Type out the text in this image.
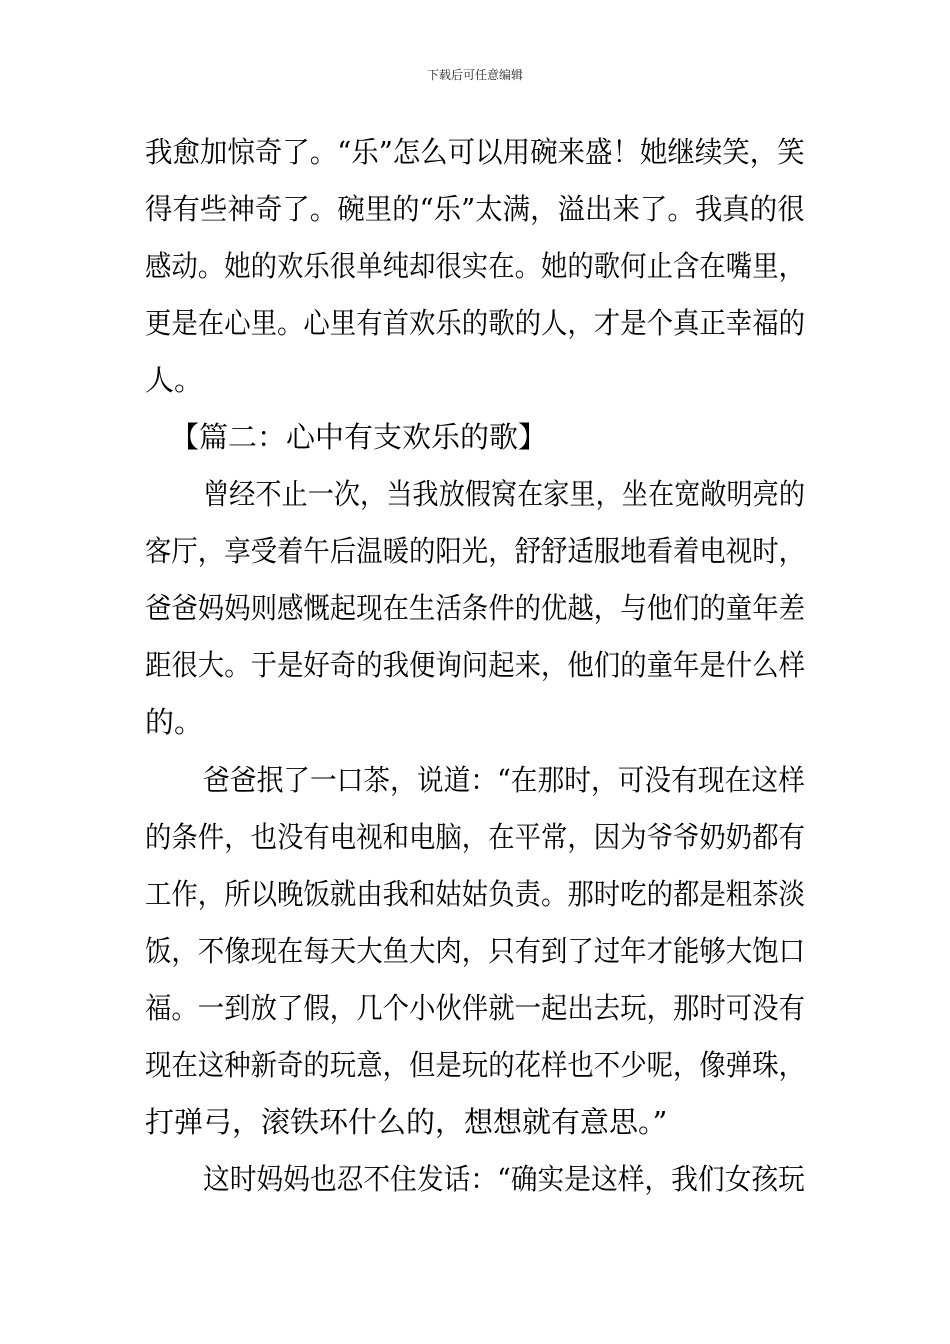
下载后可任意编辑
我愈加惊奇了。“乐”怎么可以用碗来盛！她继续笑，笑
得有些神奇了。碗里的“乐”太满，溢出来了。我真的很
感动。她的欢乐很单纯却很实在。她的歌何止含在嘴里，
更是在心里。心里有首欢乐的歌的人，才是个真正幸福的
人。
【篇二：心中有支欢乐的歌】
曾经不止一次，当我放假窝在家里，坐在宽敞明亮的
客厅，享受着午后温暖的阳光，舒舒适服地看着电视时，
爸爸妈妈则感慨起现在生活条件的优越，与他们的童年差
距很大。于是好奇的我便询问起来，他们的童年是什么样
的。
爸爸抿了一口茶，说道：“在那时，可没有现在这样
的条件，也没有电视和电脑，在平常，因为爷爷奶奶都有
工作，所以晚饭就由我和姑姑负责。那时吃的都是粗茶淡
饭，不像现在每天大鱼大肉，只有到了过年才能够大饱口
福。一到放了假，几个小伙伴就一起出去玩，那时可没有
现在这种新奇的玩意，但是玩的花样也不少呢，像弹珠，
打弹弓，滚铁环什么的，想想就有意思。”
这时妈妈也忍不住发话：“确实是这样，我们女孩玩
